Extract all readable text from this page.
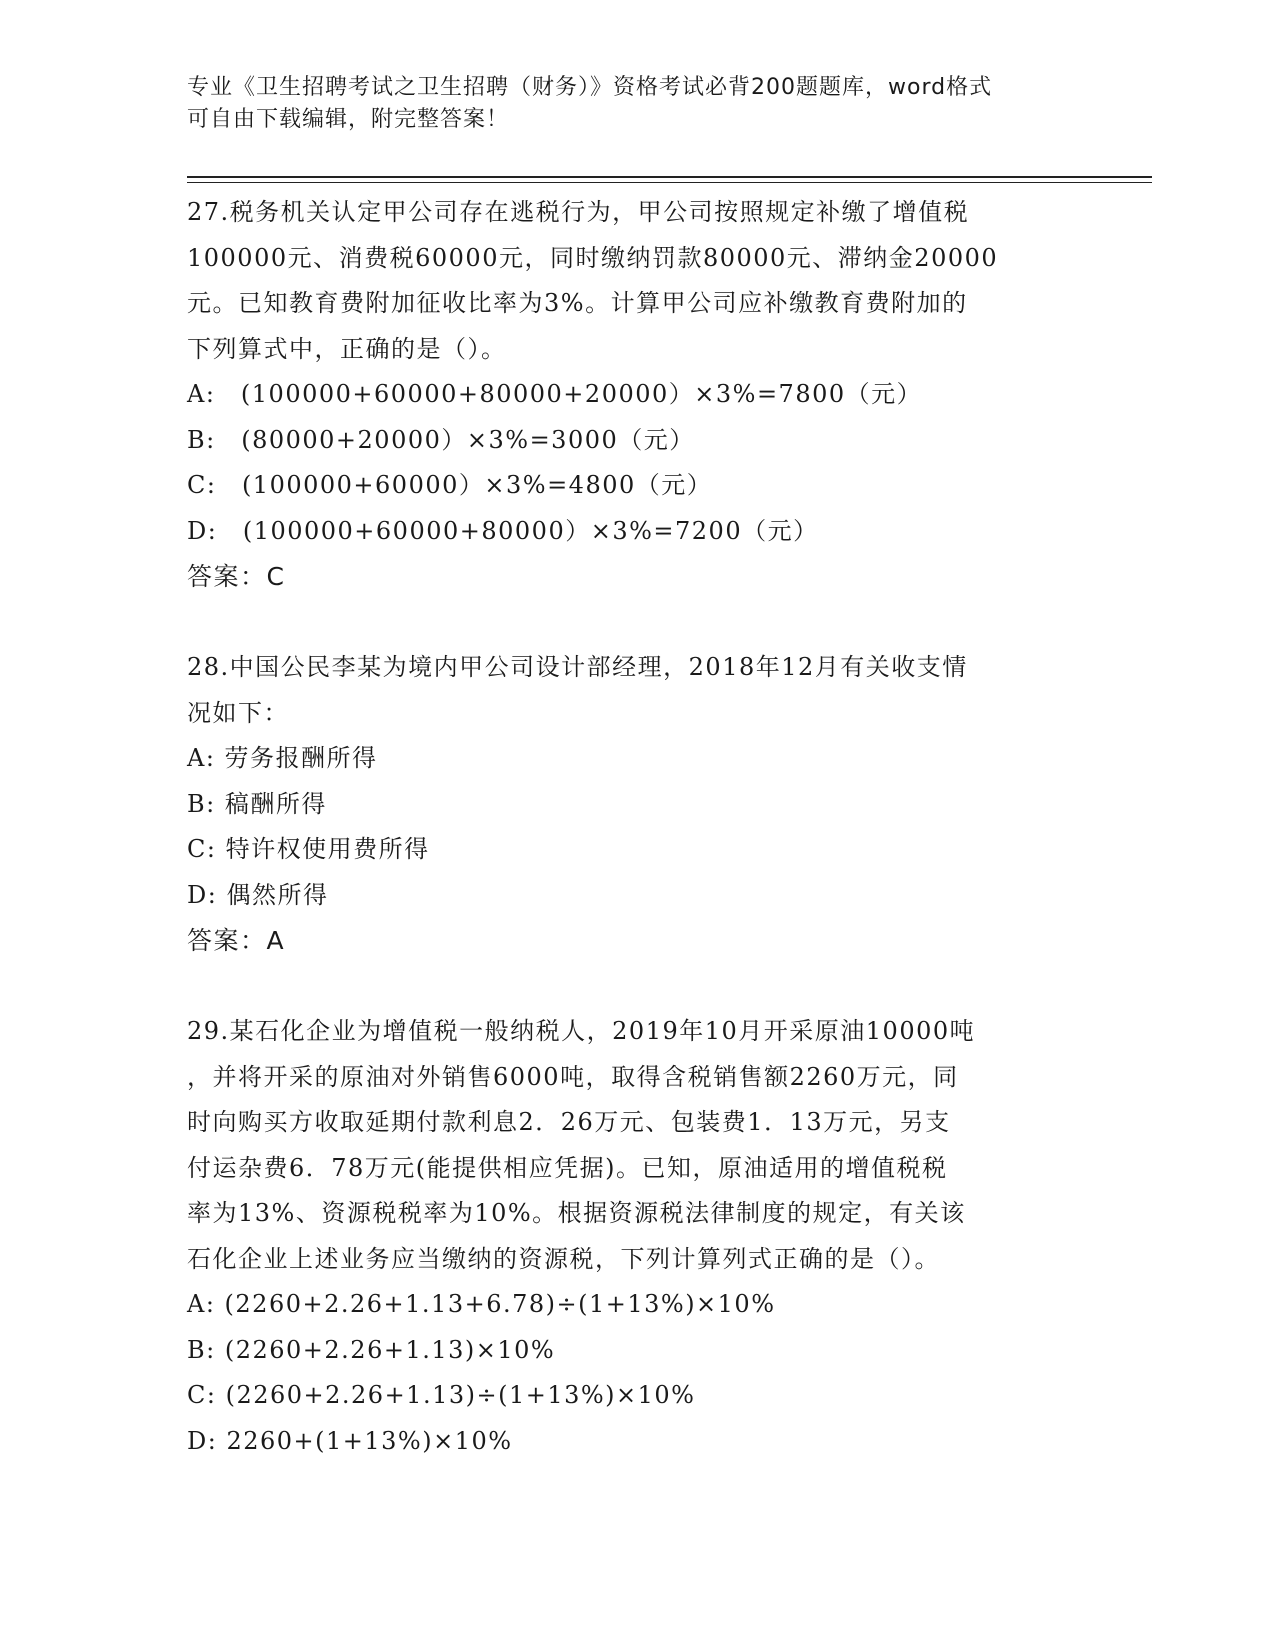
专业《卫生招聘考试之卫生招聘（财务）》资格考试必背200题题库，word格式
可自由下载编辑，附完整答案！
27.税务机关认定甲公司存在逃税行为，甲公司按照规定补缴了增值税
100000元、消费税60000元，同时缴纳罚款80000元、滞纳金20000
元。已知教育费附加征收比率为3%。计算甲公司应补缴教育费附加的
下列算式中，正确的是（）。
A:　(100000+60000+80000+20000）×3%=7800（元）
B:　(80000+20000）×3%=3000（元）
C:　(100000+60000）×3%=4800（元）
D:　(100000+60000+80000）×3%=7200（元）
答案：C
28.中国公民李某为境内甲公司设计部经理，2018年12月有关收支情
况如下：
A: 劳务报酬所得
B: 稿酬所得
C: 特许权使用费所得
D: 偶然所得
答案：A
29.某石化企业为增值税一般纳税人，2019年10月开采原油10000吨
，并将开采的原油对外销售6000吨，取得含税销售额2260万元，同
时向购买方收取延期付款利息2．26万元、包装费1．13万元，另支
付运杂费6．78万元(能提供相应凭据)。已知，原油适用的增值税税
率为13%、资源税税率为10%。根据资源税法律制度的规定，有关该
石化企业上述业务应当缴纳的资源税，下列计算列式正确的是（）。
A: (2260+2.26+1.13+6.78)÷(1+13%)×10%
B: (2260+2.26+1.13)×10%
C: (2260+2.26+1.13)÷(1+13%)×10%
D: 2260+(1+13%)×10%
